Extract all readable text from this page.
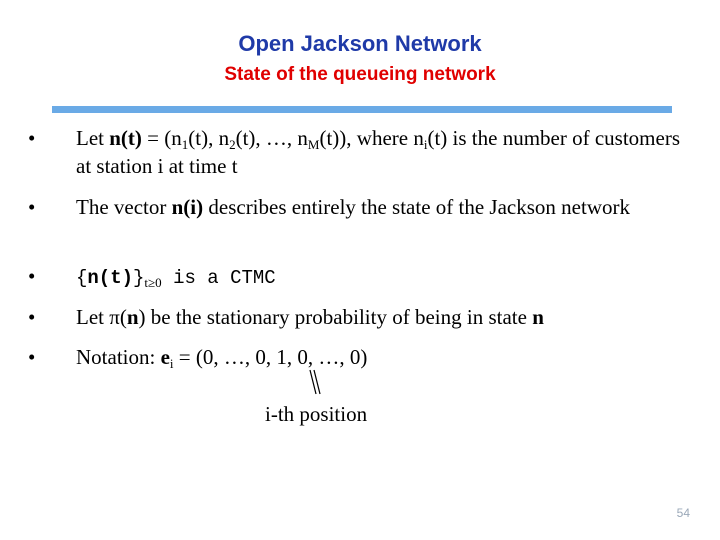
Open Jackson Network
State of the queueing network
• Let $n(t) = (n_1(t)$, $n_2(t)$, …, $n_M(t)$), where $n_i(t)$ is the number of customers at station i at time t
• The vector n(i) describes entirely the state of the Jackson network
• $\{n(t)\}_{t\ge 0}$ is a CTMC
• Let π(n) be the stationary probability of being in state n
• Notation: $e_i = (0$, …, 0, 1, 0, …, 0)
i-th position
54
